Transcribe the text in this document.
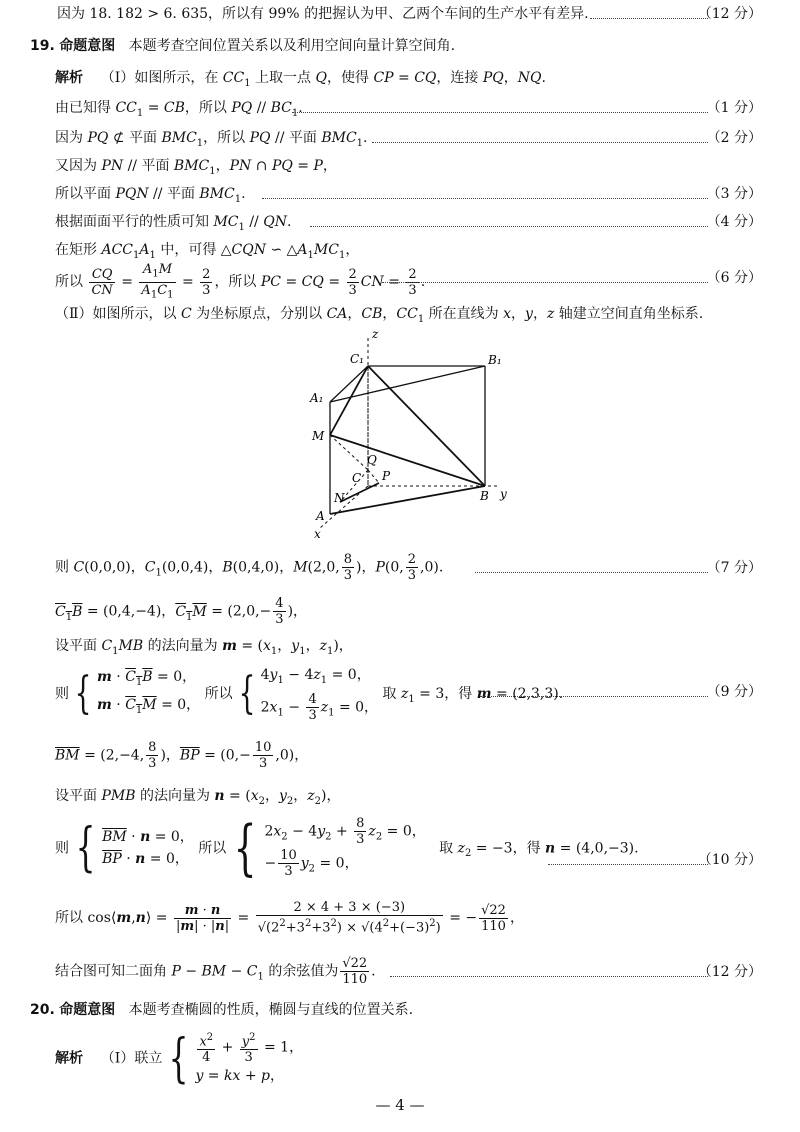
因为 18. 182 > 6. 635，所以有 99% 的把握认为甲、乙两个车间的生产水平有差异.	（12 分）
19. 命题意图 本题考查空间位置关系以及利用空间向量计算空间角.
解析    （Ⅰ）如图所示，在 $CC_1$ 上取一点 Q，使得 CP = CQ，连接 PQ，NQ.
由已知得 $CC_1$ = CB，所以 PQ // $BC_1$.	（1 分）
因为 PQ ⊄ 平面 $BMC_1$，所以 PQ // 平面 $BMC_1$.	（2 分）
又因为 PN // 平面 $BMC_1$，PN ∩ PQ = P，
所以平面 PQN // 平面 $BMC_1$.	（3 分）
根据面面平行的性质可知 $MC_1$ // QN.	（4 分）
在矩形 $ACC_1A_1$ 中，可得 △CQN ∽ $\triangle A_1MC_1$，
所以 $\frac{CQ}{CN} = \frac{A_1M}{A_1C_1} = \frac{2}{3}$ ，所以 PC = CQ = $\frac{2}{3}$ CN = $\frac{2}{3}$ .	（6 分）
（Ⅱ）如图所示，以 C 为坐标原点，分别以 CA，CB，$CC_1$ 所在直线为 x，y，z 轴建立空间直角坐标系.
z
y
x
C₁	B₁
A₁
M
Q
C P
N
A
B
则 C(0,0,0)，$C_1(0,0,4)$，B(0,4,0)，M(2,0, $\frac{8}{3}$ )，P(0, $\frac{2}{3} ,0$).	（7 分）
$C_1B = (0,4,-4)$，$C_1M = (2,0,- \frac{4}{3}$ )，
设平面 $C_1MB$ 的法向量为 $m = (x_1$，$y_1$，$z_1$)，
则 { $m \cdot C_1B = 0$，
$m \cdot C_1M = 0$，
所以 { $4y_1 - 4z_1 = 0$，
$2x_1 - \frac{4}{3} z_1 = 0$，
取 $z_1 = 3$，得 m = (2,3,3).	（9 分）
$\overline{BM} = (2,-4$, $\frac{8}{3}$ )，$\overline{BP} = (0,- \frac{10}{3} ,0)$，
设平面 PMB 的法向量为 $n = (x_2$，$y_2$，$z_2$)，
则 { $\overline{BM} \cdot n = 0$，
$\overline{BP} \cdot n = 0$，
所以 { $2x_2 - 4y_2 + \frac{8}{3} z_2 = 0$，
− $\frac{10}{3} y_2 = 0$，
取 $z_2 = -3$，得 n = (4,0,−3).
（10 分）
所以 cos⟨m,n⟩ = $\frac{m \cdot n}{|m| \cdot |n|} = \frac{2 \times 4 + 3 \times (-3)}{√(2^2+3^2+3^2) \times √(4^2+(-3)^2)}$ = − $\frac{√22}{110}$ ，
结合图可知二面角 P − BM − $C_1$ 的余弦值为 $\frac{√22}{110}$ .	（12 分）
20. 命题意图 本题考查椭圆的性质，椭圆与直线的位置关系.
解析    （Ⅰ）联立 { $\frac{x^2}{4} + \frac{y^2}{3} = 1$，
y = kx + p，
— 4 —
